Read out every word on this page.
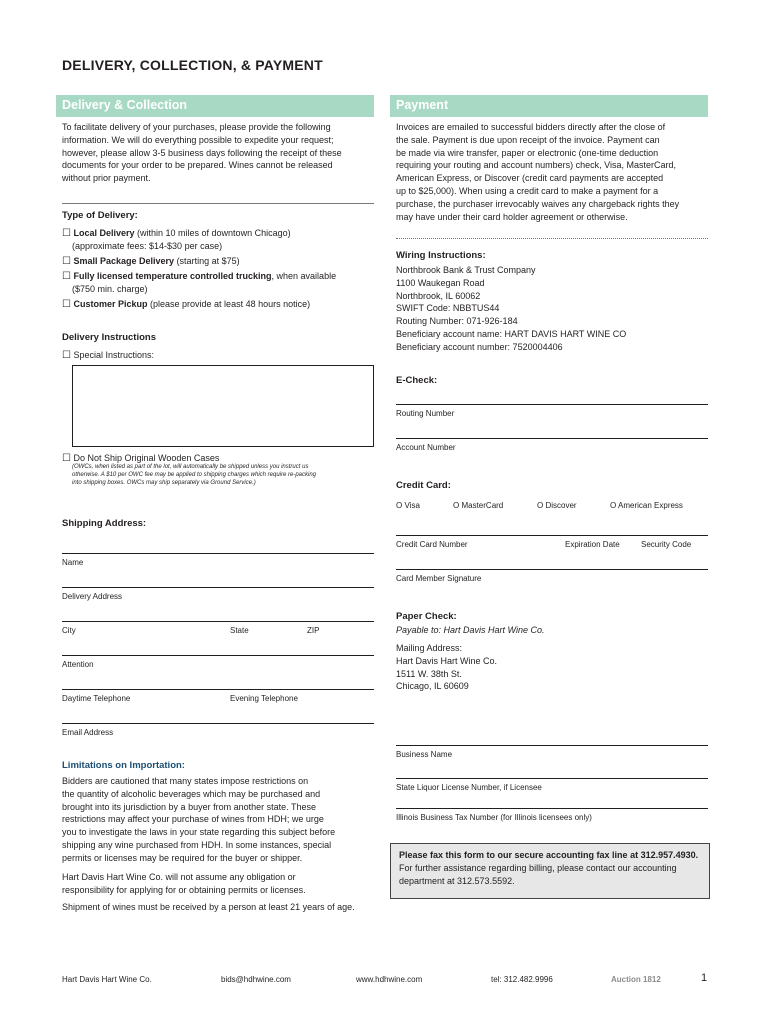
DELIVERY, COLLECTION, & PAYMENT
Delivery & Collection
To facilitate delivery of your purchases, please provide the following
information. We will do everything possible to expedite your request;
however, please allow 3-5 business days following the receipt of these
documents for your order to be prepared. Wines cannot be released
without prior payment.
Type of Delivery:
☐ Local Delivery (within 10 miles of downtown Chicago)
(approximate fees: $14-$30 per case)
☐ Small Package Delivery (starting at $75)
☐ Fully licensed temperature controlled trucking, when available
($750 min. charge)
☐ Customer Pickup (please provide at least 48 hours notice)
Delivery Instructions
☐ Special Instructions:
☐ Do Not Ship Original Wooden Cases
(OWCs, when listed as part of the lot, will automatically be shipped unless you instruct us
otherwise. A $10 per OWC fee may be applied to shipping charges which require re-packing
into shipping boxes. OWCs may ship separately via Ground Service.)
Shipping Address:
Name
Delivery Address
City	State	ZIP
Attention
Daytime Telephone	Evening Telephone
Email Address
Limitations on Importation:
Bidders are cautioned that many states impose restrictions on
the quantity of alcoholic beverages which may be purchased and
brought into its jurisdiction by a buyer from another state. These
restrictions may affect your purchase of wines from HDH; we urge
you to investigate the laws in your state regarding this subject before
shipping any wine purchased from HDH. In some instances, special
permits or licenses may be required for the buyer or shipper.
Hart Davis Hart Wine Co. will not assume any obligation or
responsibility for applying for or obtaining permits or licenses.
Shipment of wines must be received by a person at least 21 years of age.
Payment
Invoices are emailed to successful bidders directly after the close of
the sale. Payment is due upon receipt of the invoice. Payment can
be made via wire transfer, paper or electronic (one-time deduction
requiring your routing and account numbers) check, Visa, MasterCard,
American Express, or Discover (credit card payments are accepted
up to $25,000). When using a credit card to make a payment for a
purchase, the purchaser irrevocably waives any chargeback rights they
may have under their card holder agreement or otherwise.
Wiring Instructions:
Northbrook Bank & Trust Company
1100 Waukegan Road
Northbrook, IL 60062
SWIFT Code: NBBTUS44
Routing Number: 071-926-184
Beneficiary account name: HART DAVIS HART WINE CO
Beneficiary account number: 7520004406
E-Check:
Routing Number
Account Number
Credit Card:
O Visa	O MasterCard	O Discover	O American Express
Credit Card Number	Expiration Date	Security Code
Card Member Signature
Paper Check:
Payable to: Hart Davis Hart Wine Co.
Mailing Address:
Hart Davis Hart Wine Co.
1511 W. 38th St.
Chicago, IL 60609
Business Name
State Liquor License Number, if Licensee
Illinois Business Tax Number (for Illinois licensees only)
Please fax this form to our secure accounting fax line at 312.957.4930.
For further assistance regarding billing, please contact our accounting
department at 312.573.5592.
Hart Davis Hart Wine Co.	bids@hdhwine.com	www.hdhwine.com	tel: 312.482.9996	Auction 1812	1
